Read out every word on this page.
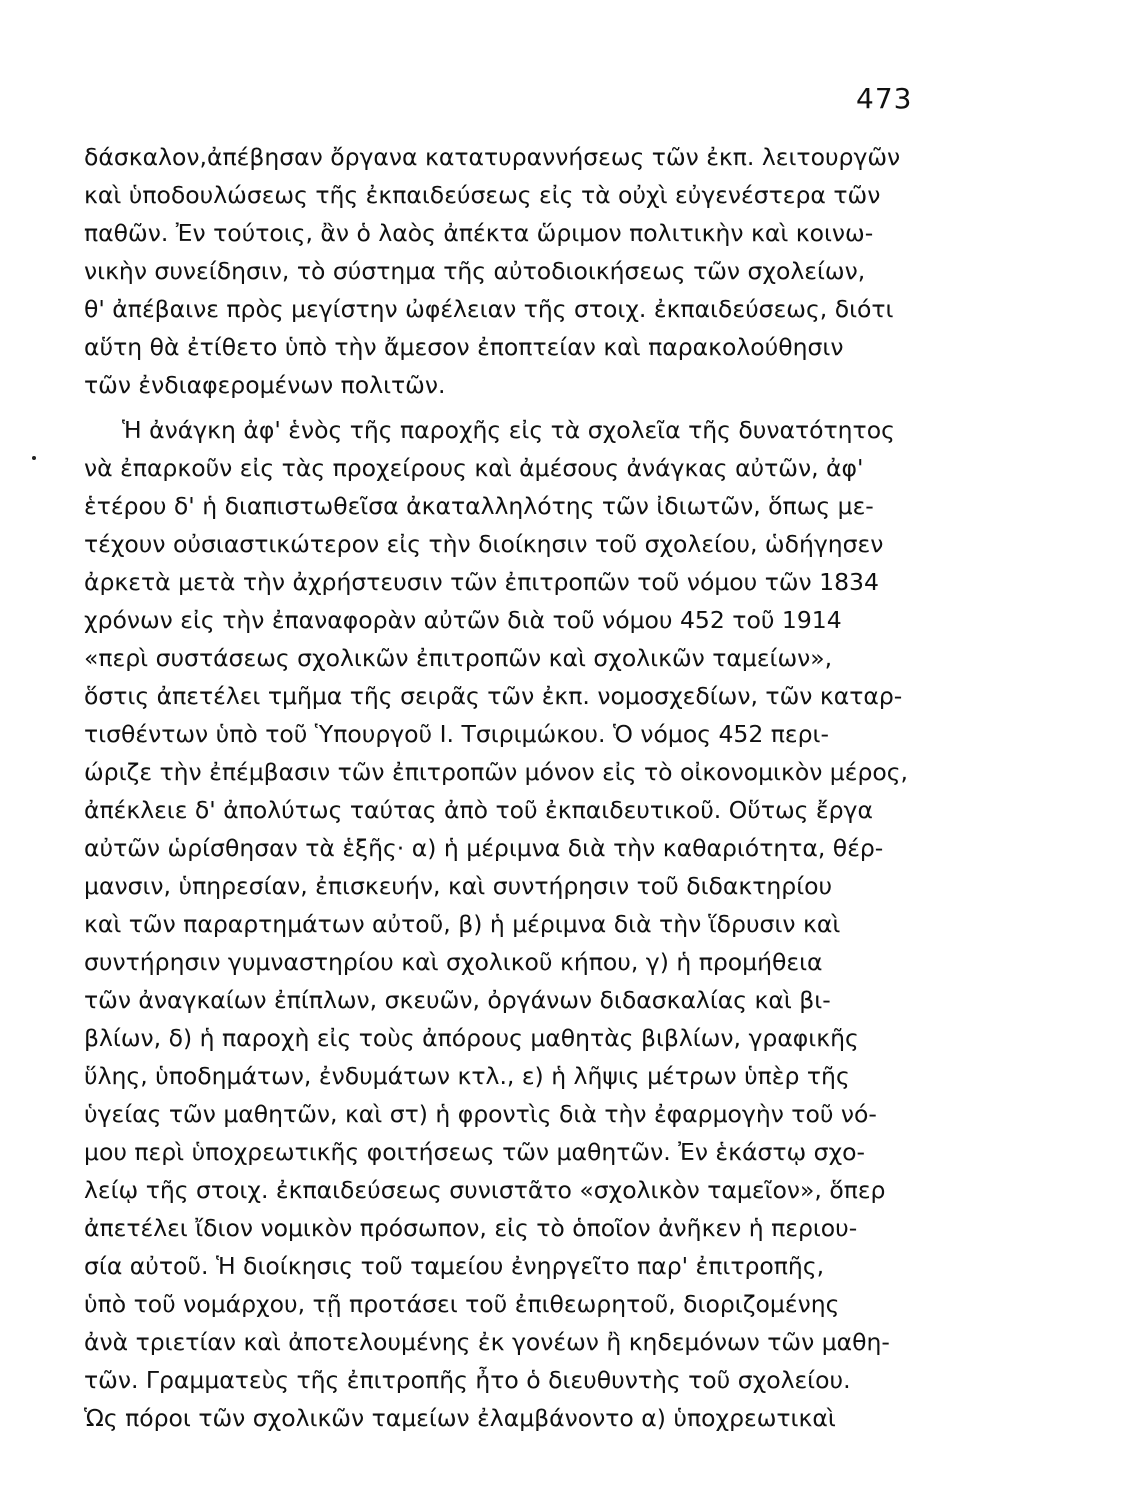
473
δάσκαλον,ἀπέβησαν ὄργανα κατατυραννήσεως τῶν ἐκπ. λειτουργῶν
καὶ ὑποδουλώσεως τῆς ἐκπαιδεύσεως εἰς τὰ οὐχὶ εὐγενέστερα τῶν
παθῶν. Ἐν τούτοις, ἂν ὁ λαὸς ἀπέκτα ὥριμον πολιτικὴν καὶ κοινω-
νικὴν συνείδησιν, τὸ σύστημα τῆς αὐτοδιοικήσεως τῶν σχολείων,
θ' ἀπέβαινε πρὸς μεγίστην ὠφέλειαν τῆς στοιχ. ἐκπαιδεύσεως, διότι
αὕτη θὰ ἐτίθετο ὑπὸ τὴν ἄμεσον ἐποπτείαν καὶ παρακολούθησιν
τῶν ἐνδιαφερομένων πολιτῶν.
Ἡ ἀνάγκη ἀφ' ἑνὸς τῆς παροχῆς εἰς τὰ σχολεῖα τῆς δυνατότητος
νὰ ἐπαρκοῦν εἰς τὰς προχείρους καὶ ἀμέσους ἀνάγκας αὐτῶν, ἀφ'
ἑτέρου δ' ἡ διαπιστωθεῖσα ἀκαταλληλότης τῶν ἰδιωτῶν, ὅπως με-
τέχουν οὐσιαστικώτερον εἰς τὴν διοίκησιν τοῦ σχολείου, ὡδήγησεν
ἀρκετὰ μετὰ τὴν ἀχρήστευσιν τῶν ἐπιτροπῶν τοῦ νόμου τῶν 1834
χρόνων εἰς τὴν ἐπαναφορὰν αὐτῶν διὰ τοῦ νόμου 452 τοῦ 1914
«περὶ συστάσεως σχολικῶν ἐπιτροπῶν καὶ σχολικῶν ταμείων»,
ὅστις ἀπετέλει τμῆμα τῆς σειρᾶς τῶν ἐκπ. νομοσχεδίων, τῶν καταρ-
τισθέντων ὑπὸ τοῦ Ὑπουργοῦ Ι. Τσιριμώκου. Ὁ νόμος 452 περι-
ώριζε τὴν ἐπέμβασιν τῶν ἐπιτροπῶν μόνον εἰς τὸ οἰκονομικὸν μέρος,
ἀπέκλειε δ' ἀπολύτως ταύτας ἀπὸ τοῦ ἐκπαιδευτικοῦ. Οὕτως ἔργα
αὐτῶν ὡρίσθησαν τὰ ἑξῆς· α) ἡ μέριμνα διὰ τὴν καθαριότητα, θέρ-
μανσιν, ὑπηρεσίαν, ἐπισκευήν, καὶ συντήρησιν τοῦ διδακτηρίου
καὶ τῶν παραρτημάτων αὐτοῦ, β) ἡ μέριμνα διὰ τὴν ἵδρυσιν καὶ
συντήρησιν γυμναστηρίου καὶ σχολικοῦ κήπου, γ) ἡ προμήθεια
τῶν ἀναγκαίων ἐπίπλων, σκευῶν, ὀργάνων διδασκαλίας καὶ βι-
βλίων, δ) ἡ παροχὴ εἰς τοὺς ἀπόρους μαθητὰς βιβλίων, γραφικῆς
ὕλης, ὑποδημάτων, ἐνδυμάτων κτλ., ε) ἡ λῆψις μέτρων ὑπὲρ τῆς
ὑγείας τῶν μαθητῶν, καὶ στ) ἡ φροντὶς διὰ τὴν ἐφαρμογὴν τοῦ νό-
μου περὶ ὑποχρεωτικῆς φοιτήσεως τῶν μαθητῶν. Ἐν ἑκάστῳ σχο-
λείῳ τῆς στοιχ. ἐκπαιδεύσεως συνιστᾶτο «σχολικὸν ταμεῖον», ὅπερ
ἀπετέλει ἴδιον νομικὸν πρόσωπον, εἰς τὸ ὁποῖον ἀνῆκεν ἡ περιου-
σία αὐτοῦ. Ἡ διοίκησις τοῦ ταμείου ἐνηργεῖτο παρ' ἐπιτροπῆς,
ὑπὸ τοῦ νομάρχου, τῇ προτάσει τοῦ ἐπιθεωρητοῦ, διοριζομένης
ἀνὰ τριετίαν καὶ ἀποτελουμένης ἐκ γονέων ἢ κηδεμόνων τῶν μαθη-
τῶν. Γραμματεὺς τῆς ἐπιτροπῆς ἦτο ὁ διευθυντὴς τοῦ σχολείου.
Ὡς πόροι τῶν σχολικῶν ταμείων ἐλαμβάνοντο α) ὑποχρεωτικαὶ
